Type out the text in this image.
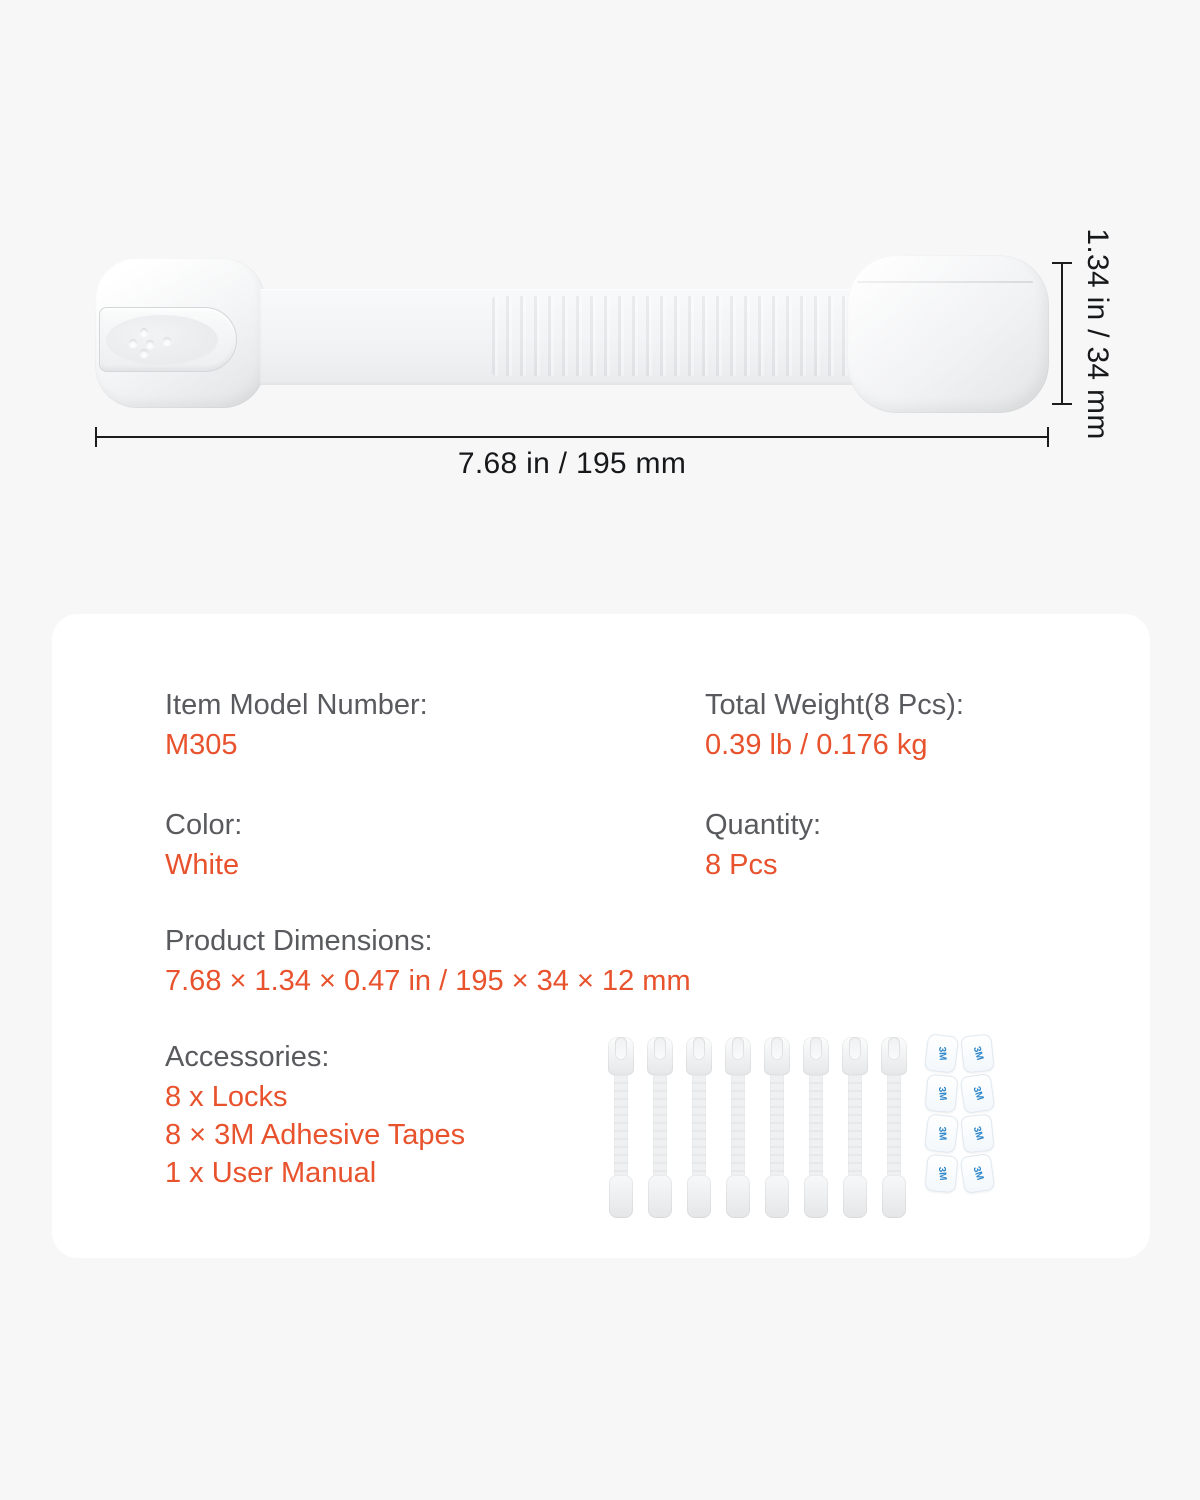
7.68 in / 195 mm
1.34 in / 34 mm
Item Model Number:
M305
Total Weight(8 Pcs):
0.39 lb / 0.176 kg
Color:
White
Quantity:
8 Pcs
Product Dimensions:
7.68 × 1.34 × 0.47 in / 195 × 34 × 12 mm
Accessories:
8 x Locks
8 × 3M Adhesive Tapes
1 x User Manual
3M 3M
3M 3M
3M 3M
3M 3M
